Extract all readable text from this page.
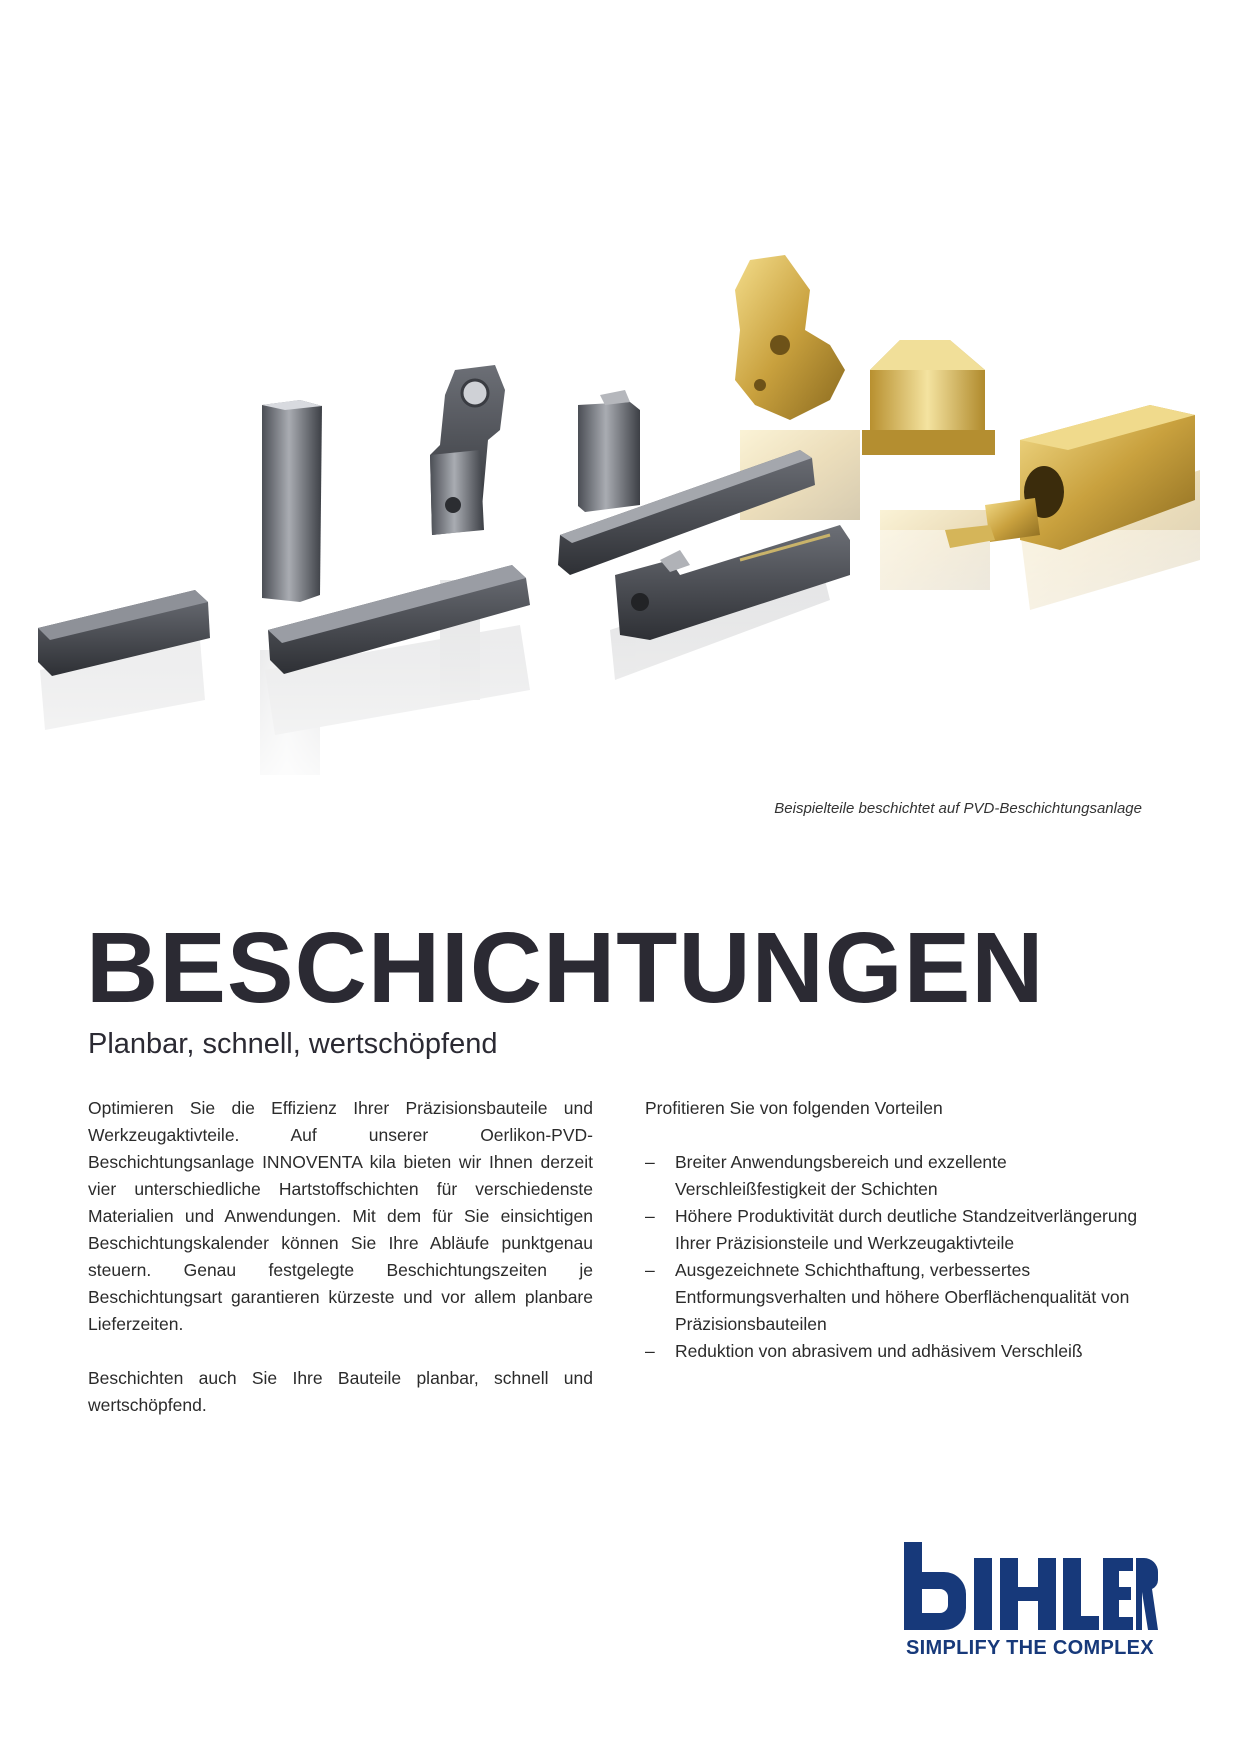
Beispielteile beschichtet auf PVD-Beschichtungsanlage
BESCHICHTUNGEN
Planbar, schnell, wertschöpfend

Optimieren Sie die Effizienz Ihrer Präzisionsbauteile und Werkzeugaktivteile. Auf unserer Oerlikon-PVD-Beschichtungsanlage INNOVENTA kila bieten wir Ihnen derzeit vier unterschiedliche Hartstoffschichten für verschiedenste Materialien und Anwendungen. Mit dem für Sie einsichtigen Beschichtungskalender können Sie Ihre Abläufe punktgenau steuern. Genau festgelegte Beschichtungszeiten je Beschichtungsart garantieren kürzeste und vor allem planbare Lieferzeiten.

Beschichten auch Sie Ihre Bauteile planbar, schnell und wertschöpfend.

Profitieren Sie von folgenden Vorteilen

– Breiter Anwendungsbereich und exzellente Verschleißfestigkeit der Schichten
– Höhere Produktivität durch deutliche Standzeitverlängerung Ihrer Präzisionsteile und Werkzeugaktivteile
– Ausgezeichnete Schichthaftung, verbessertes Entformungsverhalten und höhere Oberflächenqualität von Präzisionsbauteilen
– Reduktion von abrasivem und adhäsivem Verschleiß

SIMPLIFY THE COMPLEX
